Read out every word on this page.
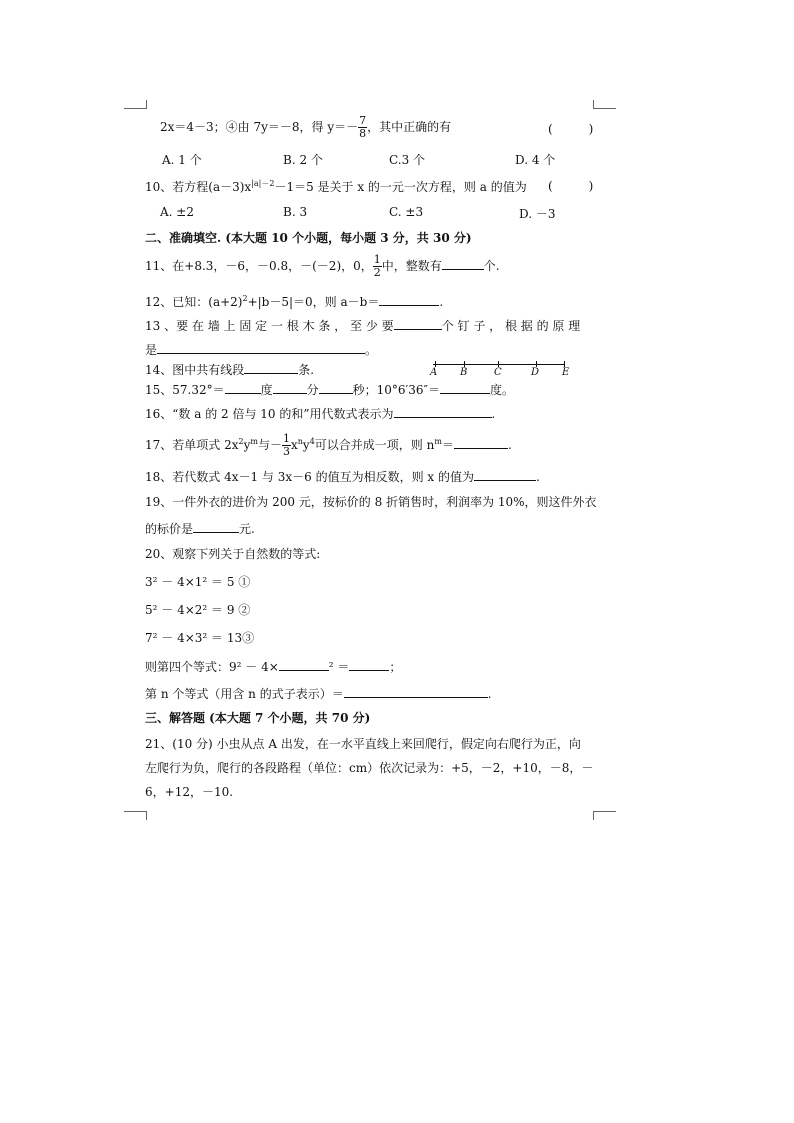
2x＝4－3；④由 7y＝－8，得 $y=- \frac{7}{8}$ ，其中正确的有	(　　　)
A. 1 个	B. 2 个	C.3 个	D. 4 个
10、若方程$(a-3)x^{|a|-2}-1=5$ 是关于 x 的一元一次方程，则 a 的值为 (　　　)
A. ±2	B. 3	C. ±3	D. －3
二、准确填空. (本大题 10 个小题，每小题 3 分，共 30 分)
11、在+8.3，－6，－0.8，－(－2)，0， $\frac{1}{2}$ 中，整数有	个.
12、已知：$(a+2)^2+|b-5|=0$，则 a－b＝	.
13 、要 在 墙 上 固 定 一 根 木 条 ， 至 少 要	个 钉 子 ， 根 据 的 原 理
是	。
14、图中共有线段	条.	A B	C	D E
15、57.32°＝	度	分	秒；10°6′36″＝	度。
16、“数 a 的 2 倍与 10 的和”用代数式表示为	.
17、若单项式 $2x^2y^m$与－ $\frac{1}{3} x^ny^4$可以合并成一项，则 $n^m=$	.
18、若代数式 4x－1 与 3x－6 的值互为相反数，则 x 的值为	.
19、一件外衣的进价为 200 元，按标价的 8 折销售时，利润率为 10%，则这件外衣
的标价是	元.
20、观察下列关于自然数的等式:
3² － 4×1² ＝ 5 ①
5² － 4×2² ＝ 9 ②
7² － 4×3² ＝ 13③
则第四个等式：9² － 4×	² ＝	；
第 n 个等式（用含 n 的式子表示）＝	.
三、解答题 (本大题 7 个小题，共 70 分)
21、(10 分) 小虫从点 A 出发，在一水平直线上来回爬行，假定向右爬行为正，向
左爬行为负，爬行的各段路程（单位：cm）依次记录为：+5，－2，+10，－8，－
6，+12，－10.
